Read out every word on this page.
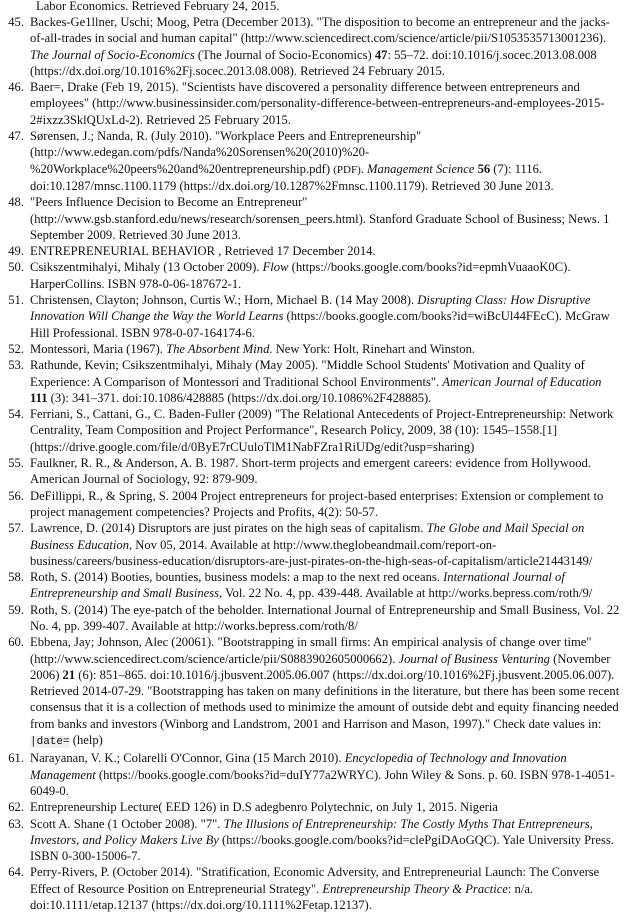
Labor Economics. Retrieved February 24, 2015.
45. Backes-Ge1llner, Uschi; Moog, Petra (December 2013). "The disposition to become an entrepreneur and the jacks-of-all-trades in social and human capital" (http://www.sciencedirect.com/science/article/pii/S1053535713001236). The Journal of Socio-Economics (The Journal of Socio-Economics) 47: 55–72. doi:10.1016/j.socec.2013.08.008 (https://dx.doi.org/10.1016%2Fj.socec.2013.08.008). Retrieved 24 February 2015.
46. Baer=, Drake (Feb 19, 2015). "Scientists have discovered a personality difference between entrepreneurs and employees" (http://www.businessinsider.com/personality-difference-between-entrepreneurs-and-employees-2015-2#ixzz3SklQUxLd-2). Retrieved 25 February 2015.
47. Sørensen, J.; Nanda, R. (July 2010). "Workplace Peers and Entrepreneurship" (http://www.edegan.com/pdfs/Nanda%20Sorensen%20(2010)%20-%20Workplace%20peers%20and%20entrepreneurship.pdf) (PDF). Management Science 56 (7): 1116. doi:10.1287/mnsc.1100.1179 (https://dx.doi.org/10.1287%2Fmnsc.1100.1179). Retrieved 30 June 2013.
48. "Peers Influence Decision to Become an Entrepreneur" (http://www.gsb.stanford.edu/news/research/sorensen_peers.html). Stanford Graduate School of Business; News. 1 September 2009. Retrieved 30 June 2013.
49. ENTREPRENEURIAL BEHAVIOR , Retrieved 17 December 2014.
50. Csikszentmihalyi, Mihaly (13 October 2009). Flow (https://books.google.com/books?id=epmhVuaaoK0C). HarperCollins. ISBN 978-0-06-187672-1.
51. Christensen, Clayton; Johnson, Curtis W.; Horn, Michael B. (14 May 2008). Disrupting Class: How Disruptive Innovation Will Change the Way the World Learns (https://books.google.com/books?id=wiBcUl44FEcC). McGraw Hill Professional. ISBN 978-0-07-164174-6.
52. Montessori, Maria (1967). The Absorbent Mind. New York: Holt, Rinehart and Winston.
53. Rathunde, Kevin; Csikszentmihalyi, Mihaly (May 2005). "Middle School Students' Motivation and Quality of Experience: A Comparison of Montessori and Traditional School Environments". American Journal of Education 111 (3): 341–371. doi:10.1086/428885 (https://dx.doi.org/10.1086%2F428885).
54. Ferriani, S., Cattani, G., C. Baden-Fuller (2009) "The Relational Antecedents of Project-Entrepreneurship: Network Centrality, Team Composition and Project Performance", Research Policy, 2009, 38 (10): 1545–1558.[1] (https://drive.google.com/file/d/0ByE7rCUuloTlM1NabFZra1RiUDg/edit?usp=sharing)
55. Faulkner, R. R., & Anderson, A. B. 1987. Short-term projects and emergent careers: evidence from Hollywood. American Journal of Sociology, 92: 879-909.
56. DeFillippi, R., & Spring, S. 2004 Project entrepreneurs for project-based enterprises: Extension or complement to project management competencies? Projects and Profits, 4(2): 50-57.
57. Lawrence, D. (2014) Disruptors are just pirates on the high seas of capitalism. The Globe and Mail Special on Business Education, Nov 05, 2014. Available at http://www.theglobeandmail.com/report-on-business/careers/business-education/disruptors-are-just-pirates-on-the-high-seas-of-capitalism/article21443149/
58. Roth, S. (2014) Booties, bounties, business models: a map to the next red oceans. International Journal of Entrepreneurship and Small Business, Vol. 22 No. 4, pp. 439-448. Available at http://works.bepress.com/roth/9/
59. Roth, S. (2014) The eye-patch of the beholder. International Journal of Entrepreneurship and Small Business, Vol. 22 No. 4, pp. 399-407. Available at http://works.bepress.com/roth/8/
60. Ebbena, Jay; Johnson, Alec (20061). "Bootstrapping in small firms: An empirical analysis of change over time" (http://www.sciencedirect.com/science/article/pii/S0883902605000662). Journal of Business Venturing (November 2006) 21 (6): 851–865. doi:10.1016/j.jbusvent.2005.06.007 (https://dx.doi.org/10.1016%2Fj.jbusvent.2005.06.007). Retrieved 2014-07-29. "Bootstrapping has taken on many definitions in the literature, but there has been some recent consensus that it is a collection of methods used to minimize the amount of outside debt and equity financing needed from banks and investors (Winborg and Landstrom, 2001 and Harrison and Mason, 1997)." Check date values in: |date= (help)
61. Narayanan, V. K.; Colarelli O'Connor, Gina (15 March 2010). Encyclopedia of Technology and Innovation Management (https://books.google.com/books?id=duIY77a2WRYC). John Wiley & Sons. p. 60. ISBN 978-1-4051-6049-0.
62. Entrepreneurship Lecture( EED 126) in D.S adegbenro Polytechnic, on July 1, 2015. Nigeria
63. Scott A. Shane (1 October 2008). "7". The Illusions of Entrepreneurship: The Costly Myths That Entrepreneurs, Investors, and Policy Makers Live By (https://books.google.com/books?id=clePgiDAoGQC). Yale University Press. ISBN 0-300-15006-7.
64. Perry-Rivers, P. (October 2014). "Stratification, Economic Adversity, and Entrepreneurial Launch: The Converse Effect of Resource Position on Entrepreneurial Strategy". Entrepreneurship Theory & Practice: n/a. doi:10.1111/etap.12137 (https://dx.doi.org/10.1111%2Fetap.12137).
